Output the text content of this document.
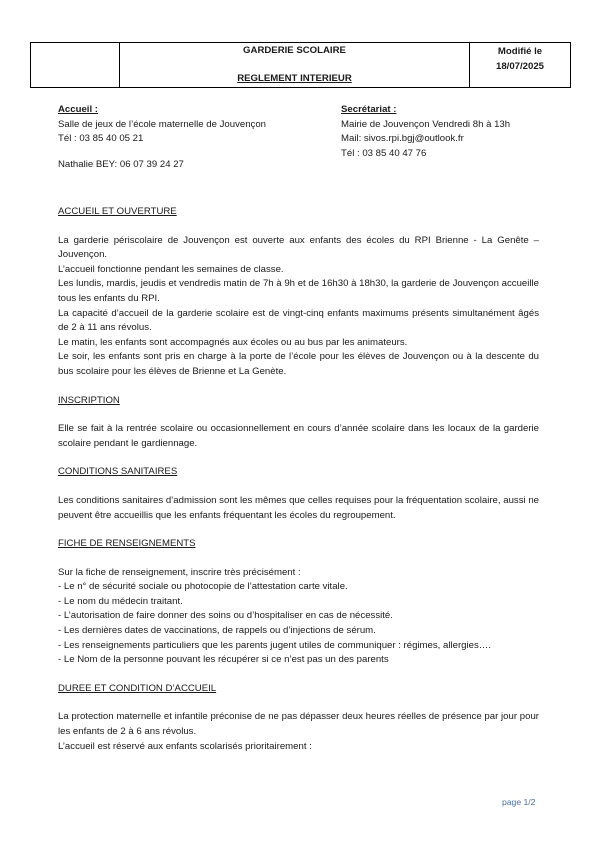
GARDERIE SCOLAIRE
REGLEMENT INTERIEUR

Modifié le
18/07/2025
Accueil :
Salle de jeux de l’école maternelle de Jouvençon
Tél : 03 85 40 05 21
Nathalie BEY: 06 07 39 24 27
Secrétariat :
Mairie de Jouvençon Vendredi 8h à 13h
Mail: sivos.rpi.bgj@outlook.fr
Tél : 03 85 40 47 76
ACCUEIL ET OUVERTURE

La garderie périscolaire de Jouvençon est ouverte aux enfants des écoles du RPI Brienne - La Genête – Jouvençon.

L’accueil fonctionne pendant les semaines de classe.

Les lundis, mardis, jeudis et vendredis matin de 7h à 9h et de 16h30 à 18h30, la garderie de Jouvençon accueille tous les enfants du RPI.

La capacité d’accueil de la garderie scolaire est de vingt-cinq enfants maximums présents simultanément âgés de 2 à 11 ans révolus.

Le matin, les enfants sont accompagnés aux écoles ou au bus par les animateurs.

Le soir, les enfants sont pris en charge à la porte de l’école pour les élèves de Jouvençon ou à la descente du bus scolaire pour les élèves de Brienne et La Genète.

INSCRIPTION

Elle se fait à la rentrée scolaire ou occasionnellement en cours d’année scolaire dans les locaux de la garderie scolaire pendant le gardiennage.

CONDITIONS SANITAIRES

Les conditions sanitaires d’admission sont les mêmes que celles requises pour la fréquentation scolaire, aussi ne peuvent être accueillis que les enfants fréquentant les écoles du regroupement.

FICHE DE RENSEIGNEMENTS

Sur la fiche de renseignement, inscrire très précisément :

- Le n° de sécurité sociale ou photocopie de l’attestation carte vitale.

- Le nom du médecin traitant.

- L’autorisation de faire donner des soins ou d’hospitaliser en cas de nécessité.

- Les dernières dates de vaccinations, de rappels ou d’injections de sérum.

- Les renseignements particuliers que les parents jugent utiles de communiquer : régimes, allergies….

- Le Nom de la personne pouvant les récupérer si ce n’est pas un des parents

DUREE ET CONDITION D’ACCUEIL

La protection maternelle et infantile préconise de ne pas dépasser deux heures réelles de présence par jour pour les enfants de 2 à 6 ans révolus.

L’accueil est réservé aux enfants scolarisés prioritairement :

page 1/2
